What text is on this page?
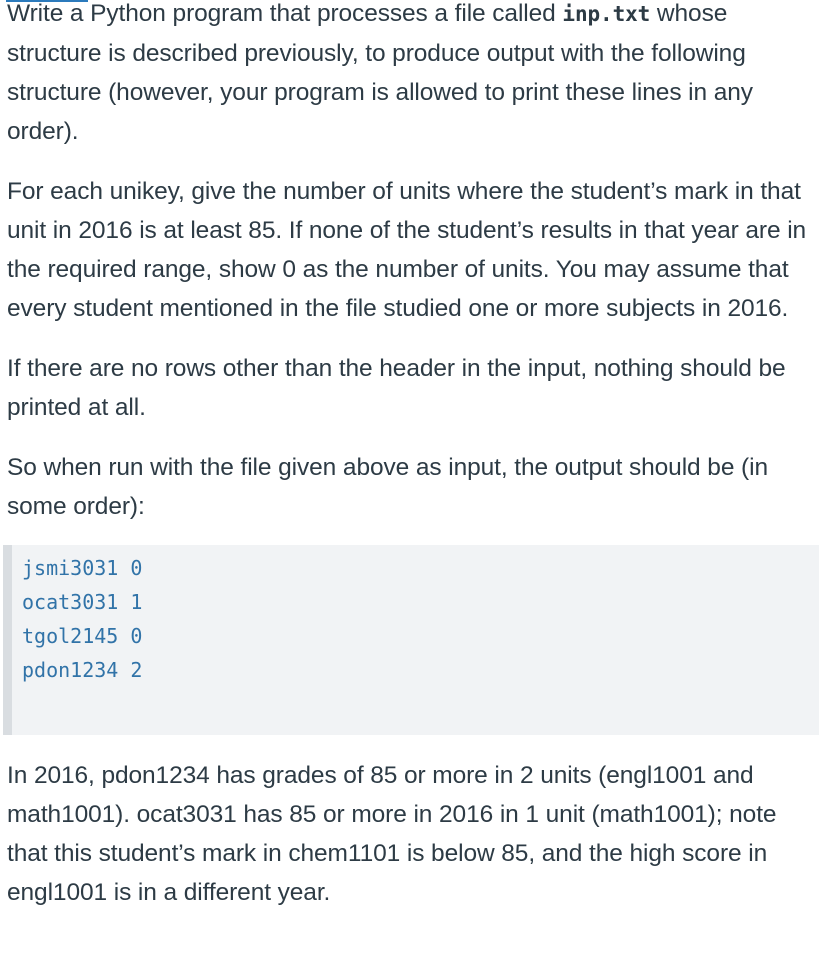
Write a Python program that processes a file called inp.txt whose structure is described previously, to produce output with the following structure (however, your program is allowed to print these lines in any order).

For each unikey, give the number of units where the student’s mark in that unit in 2016 is at least 85. If none of the student’s results in that year are in the required range, show 0 as the number of units. You may assume that every student mentioned in the file studied one or more subjects in 2016.

If there are no rows other than the header in the input, nothing should be printed at all.

So when run with the file given above as input, the output should be (in some order):

jsmi3031 0
ocat3031 1
tgol2145 0
pdon1234 2

In 2016, pdon1234 has grades of 85 or more in 2 units (engl1001 and math1001). ocat3031 has 85 or more in 2016 in 1 unit (math1001); note that this student’s mark in chem1101 is below 85, and the high score in engl1001 is in a different year.
